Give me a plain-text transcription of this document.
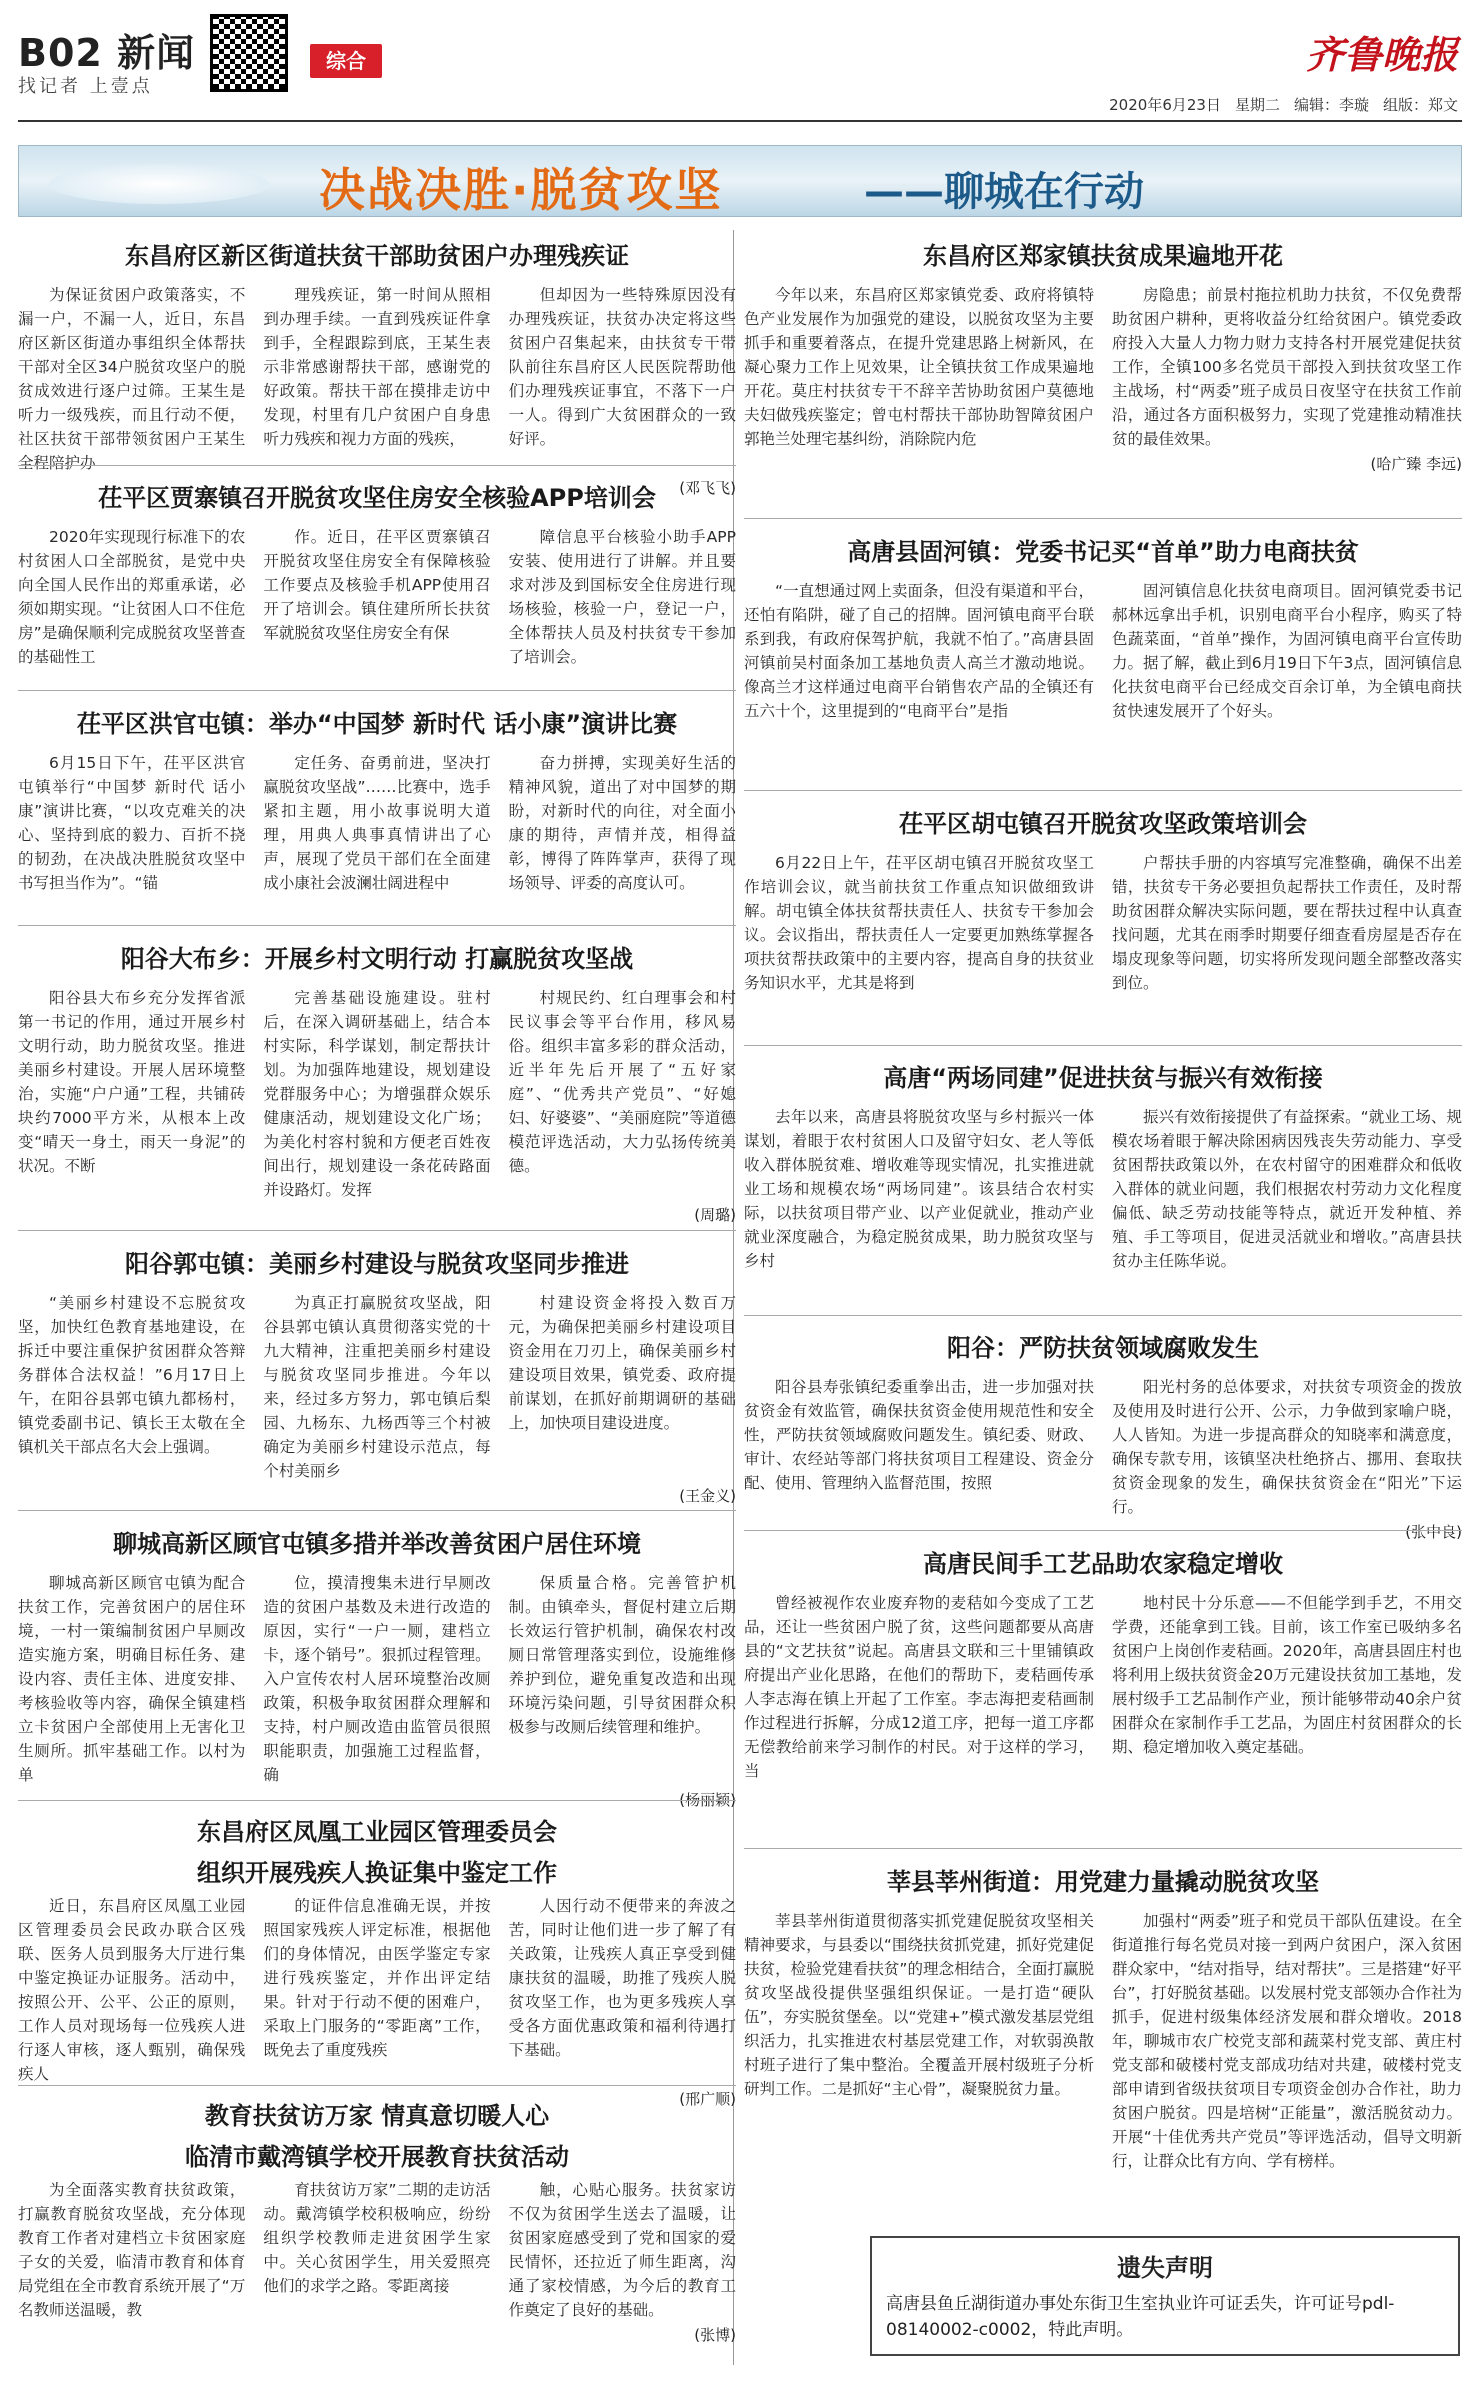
B02 新闻
找记者 上壹点
综合	齐鲁晚报
2020年6月23日 星期二 编辑：李璇 组版：郑文
决战决胜·脱贫攻坚	——聊城在行动
东昌府区新区街道扶贫干部助贫困户办理残疾证

为保证贫困户政策落实，不漏一户，不漏一人，近日，东昌府区新区街道办事组织全体帮扶干部对全区34户脱贫攻坚户的脱贫成效进行逐户过筛。王某生是听力一级残疾，而且行动不便，社区扶贫干部带领贫困户王某生全程陪护办

理残疾证，第一时间从照相到办理手续。一直到残疾证件拿到手，全程跟踪到底，王某生表示非常感谢帮扶干部，感谢党的好政策。帮扶干部在摸排走访中发现，村里有几户贫困户自身患听力残疾和视力方面的残疾，

但却因为一些特殊原因没有办理残疾证，扶贫办决定将这些贫困户召集起来，由扶贫专干带队前往东昌府区人民医院帮助他们办理残疾证事宜，不落下一户一人。得到广大贫困群众的一致好评。

(邓飞飞)
茌平区贾寨镇召开脱贫攻坚住房安全核验APP培训会

2020年实现现行标准下的农村贫困人口全部脱贫，是党中央向全国人民作出的郑重承诺，必须如期实现。“让贫困人口不住危房”是确保顺利完成脱贫攻坚普查的基础性工

作。近日，茌平区贾寨镇召开脱贫攻坚住房安全有保障核验工作要点及核验手机APP使用召开了培训会。镇住建所所长扶贫军就脱贫攻坚住房安全有保

障信息平台核验小助手APP安装、使用进行了讲解。并且要求对涉及到国标安全住房进行现场核验，核验一户，登记一户，全体帮扶人员及村扶贫专干参加了培训会。

茌平区洪官屯镇：举办“中国梦 新时代 话小康”演讲比赛

6月15日下午，茌平区洪官屯镇举行“中国梦 新时代 话小康”演讲比赛，“以攻克难关的决心、坚持到底的毅力、百折不挠的韧劲，在决战决胜脱贫攻坚中书写担当作为”。“锚

定任务、奋勇前进，坚决打赢脱贫攻坚战”……比赛中，选手紧扣主题，用小故事说明大道理，用典人典事真情讲出了心声，展现了党员干部们在全面建成小康社会波澜壮阔进程中

奋力拼搏，实现美好生活的精神风貌，道出了对中国梦的期盼，对新时代的向往，对全面小康的期待，声情并茂，相得益彰，博得了阵阵掌声，获得了现场领导、评委的高度认可。

阳谷大布乡：开展乡村文明行动 打赢脱贫攻坚战

阳谷县大布乡充分发挥省派第一书记的作用，通过开展乡村文明行动，助力脱贫攻坚。推进美丽乡村建设。开展人居环境整治，实施“户户通”工程，共铺砖块约7000平方米，从根本上改变“晴天一身土，雨天一身泥”的状况。不断

完善基础设施建设。驻村后，在深入调研基础上，结合本村实际，科学谋划，制定帮扶计划。为加强阵地建设，规划建设党群服务中心；为增强群众娱乐健康活动，规划建设文化广场；为美化村容村貌和方便老百姓夜间出行，规划建设一条花砖路面并设路灯。发挥

村规民约、红白理事会和村民议事会等平台作用，移风易俗。组织丰富多彩的群众活动，近半年先后开展了“五好家庭”、“优秀共产党员”、“好媳妇、好婆婆”、“美丽庭院”等道德模范评选活动，大力弘扬传统美德。

(周璐)
阳谷郭屯镇：美丽乡村建设与脱贫攻坚同步推进

“美丽乡村建设不忘脱贫攻坚，加快红色教育基地建设，在拆迁中要注重保护贫困群众答辩务群体合法权益！”6月17日上午，在阳谷县郭屯镇九都杨村，镇党委副书记、镇长王太敬在全镇机关干部点名大会上强调。

为真正打赢脱贫攻坚战，阳谷县郭屯镇认真贯彻落实党的十九大精神，注重把美丽乡村建设与脱贫攻坚同步推进。今年以来，经过多方努力，郭屯镇后梨园、九杨东、九杨西等三个村被确定为美丽乡村建设示范点，每个村美丽乡

村建设资金将投入数百万元，为确保把美丽乡村建设项目资金用在刀刃上，确保美丽乡村建设项目效果，镇党委、政府提前谋划，在抓好前期调研的基础上，加快项目建设进度。

(王金义)
聊城高新区顾官屯镇多措并举改善贫困户居住环境

聊城高新区顾官屯镇为配合扶贫工作，完善贫困户的居住环境，一村一策编制贫困户早厕改造实施方案，明确目标任务、建设内容、责任主体、进度安排、考核验收等内容，确保全镇建档立卡贫困户全部使用上无害化卫生厕所。抓牢基础工作。以村为单

位，摸清搜集未进行早厕改造的贫困户基数及未进行改造的原因，实行“一户一厕，建档立卡，逐个销号”。狠抓过程管理。入户宣传农村人居环境整治改厕政策，积极争取贫困群众理解和支持，村户厕改造由监管员很照职能职责，加强施工过程监督，确

保质量合格。完善管护机制。由镇牵头，督促村建立后期长效运行管护机制，确保农村改厕日常管理落实到位，设施维修养护到位，避免重复改造和出现环境污染问题，引导贫困群众积极参与改厕后续管理和维护。

(杨丽颖)
东昌府区凤凰工业园区管理委员会
组织开展残疾人换证集中鉴定工作

近日，东昌府区凤凰工业园区管理委员会民政办联合区残联、医务人员到服务大厅进行集中鉴定换证办证服务。活动中，按照公开、公平、公正的原则，工作人员对现场每一位残疾人进行逐人审核，逐人甄别，确保残疾人

的证件信息准确无误，并按照国家残疾人评定标准，根据他们的身体情况，由医学鉴定专家进行残疾鉴定，并作出评定结果。针对于行动不便的困难户，采取上门服务的“零距离”工作，既免去了重度残疾

人因行动不便带来的奔波之苦，同时让他们进一步了解了有关政策，让残疾人真正享受到健康扶贫的温暖，助推了残疾人脱贫攻坚工作，也为更多残疾人享受各方面优惠政策和福利待遇打下基础。

(邢广顺)
教育扶贫访万家 情真意切暖人心
临清市戴湾镇学校开展教育扶贫活动

为全面落实教育扶贫政策，打赢教育脱贫攻坚战，充分体现教育工作者对建档立卡贫困家庭子女的关爱，临清市教育和体育局党组在全市教育系统开展了“万名教师送温暖，教

育扶贫访万家”二期的走访活动。戴湾镇学校积极响应，纷纷组织学校教师走进贫困学生家中。关心贫困学生，用关爱照亮他们的求学之路。零距离接

触，心贴心服务。扶贫家访不仅为贫困学生送去了温暖，让贫困家庭感受到了党和国家的爱民情怀，还拉近了师生距离，沟通了家校情感，为今后的教育工作奠定了良好的基础。

(张博)
东昌府区郑家镇扶贫成果遍地开花

今年以来，东昌府区郑家镇党委、政府将镇特色产业发展作为加强党的建设，以脱贫攻坚为主要抓手和重要着落点，在提升党建思路上树新风，在凝心聚力工作上见效果，让全镇扶贫工作成果遍地开花。莫庄村扶贫专干不辞辛苦协助贫困户莫德地夫妇做残疾鉴定；曾屯村帮扶干部协助智障贫困户郭艳兰处理宅基纠纷，消除院内危

房隐患；前景村拖拉机助力扶贫，不仅免费帮助贫困户耕种，更将收益分红给贫困户。镇党委政府投入大量人力物力财力支持各村开展党建促扶贫工作，全镇100多名党员干部投入到扶贫攻坚工作主战场，村“两委”班子成员日夜坚守在扶贫工作前沿，通过各方面积极努力，实现了党建推动精准扶贫的最佳效果。

(哈广臻 李远)
高唐县固河镇：党委书记买“首单”助力电商扶贫

“一直想通过网上卖面条，但没有渠道和平台，还怕有陷阱，碰了自己的招牌。固河镇电商平台联系到我，有政府保驾护航，我就不怕了。”高唐县固河镇前吴村面条加工基地负责人高兰才激动地说。像高兰才这样通过电商平台销售农产品的全镇还有五六十个，这里提到的“电商平台”是指

固河镇信息化扶贫电商项目。固河镇党委书记郝林远拿出手机，识别电商平台小程序，购买了特色蔬菜面，“首单”操作，为固河镇电商平台宣传助力。据了解，截止到6月19日下午3点，固河镇信息化扶贫电商平台已经成交百余订单，为全镇电商扶贫快速发展开了个好头。

茌平区胡屯镇召开脱贫攻坚政策培训会

6月22日上午，茌平区胡屯镇召开脱贫攻坚工作培训会议，就当前扶贫工作重点知识做细致讲解。胡屯镇全体扶贫帮扶责任人、扶贫专干参加会议。会议指出，帮扶责任人一定要更加熟练掌握各项扶贫帮扶政策中的主要内容，提高自身的扶贫业务知识水平，尤其是将到

户帮扶手册的内容填写完准整确，确保不出差错，扶贫专干务必要担负起帮扶工作责任，及时帮助贫困群众解决实际问题，要在帮扶过程中认真查找问题，尤其在雨季时期要仔细查看房屋是否存在塌皮现象等问题，切实将所发现问题全部整改落实到位。

高唐“两场同建”促进扶贫与振兴有效衔接

去年以来，高唐县将脱贫攻坚与乡村振兴一体谋划，着眼于农村贫困人口及留守妇女、老人等低收入群体脱贫难、增收难等现实情况，扎实推进就业工场和规模农场“两场同建”。该县结合农村实际，以扶贫项目带产业、以产业促就业，推动产业就业深度融合，为稳定脱贫成果，助力脱贫攻坚与乡村

振兴有效衔接提供了有益探索。“就业工场、规模农场着眼于解决除困病因残丧失劳动能力、享受贫困帮扶政策以外，在农村留守的困难群众和低收入群体的就业问题，我们根据农村劳动力文化程度偏低、缺乏劳动技能等特点，就近开发种植、养殖、手工等项目，促进灵活就业和增收。”高唐县扶贫办主任陈华说。

阳谷：严防扶贫领域腐败发生

阳谷县寿张镇纪委重拳出击，进一步加强对扶贫资金有效监管，确保扶贫资金使用规范性和安全性，严防扶贫领域腐败问题发生。镇纪委、财政、审计、农经站等部门将扶贫项目工程建设、资金分配、使用、管理纳入监督范围，按照

阳光村务的总体要求，对扶贫专项资金的拨放及使用及时进行公开、公示，力争做到家喻户晓，人人皆知。为进一步提高群众的知晓率和满意度，确保专款专用，该镇坚决杜绝挤占、挪用、套取扶贫资金现象的发生，确保扶贫资金在“阳光”下运行。

(张中良)
高唐民间手工艺品助农家稳定增收

曾经被视作农业废弃物的麦秸如今变成了工艺品，还让一些贫困户脱了贫，这些问题都要从高唐县的“文艺扶贫”说起。高唐县文联和三十里铺镇政府提出产业化思路，在他们的帮助下，麦秸画传承人李志海在镇上开起了工作室。李志海把麦秸画制作过程进行拆解，分成12道工序，把每一道工序都无偿教给前来学习制作的村民。对于这样的学习，当

地村民十分乐意——不但能学到手艺，不用交学费，还能拿到工钱。目前，该工作室已吸纳多名贫困户上岗创作麦秸画。2020年，高唐县固庄村也将利用上级扶贫资金20万元建设扶贫加工基地，发展村级手工艺品制作产业，预计能够带动40余户贫困群众在家制作手工艺品，为固庄村贫困群众的长期、稳定增加收入奠定基础。

莘县莘州街道：用党建力量撬动脱贫攻坚

莘县莘州街道贯彻落实抓党建促脱贫攻坚相关精神要求，与县委以“围绕扶贫抓党建，抓好党建促扶贫，检验党建看扶贫”的理念相结合，全面打赢脱贫攻坚战役提供坚强组织保证。一是打造“硬队伍”，夯实脱贫堡垒。以“党建+”模式激发基层党组织活力，扎实推进农村基层党建工作，对软弱涣散村班子进行了集中整治。全覆盖开展村级班子分析研判工作。二是抓好“主心骨”，凝聚脱贫力量。

加强村“两委”班子和党员干部队伍建设。在全街道推行每名党员对接一到两户贫困户，深入贫困群众家中，“结对指导，结对帮扶”。三是搭建“好平台”，打好脱贫基础。以发展村党支部领办合作社为抓手，促进村级集体经济发展和群众增收。2018年，聊城市农广校党支部和蔬菜村党支部、黄庄村党支部和破楼村党支部成功结对共建，破楼村党支部申请到省级扶贫项目专项资金创办合作社，助力贫困户脱贫。四是培树“正能量”，激活脱贫动力。开展“十佳优秀共产党员”等评选活动，倡导文明新行，让群众比有方向、学有榜样。

遗失声明

高唐县鱼丘湖街道办事处东街卫生室执业许可证丢失，许可证号pdl-08140002-c0002，特此声明。
